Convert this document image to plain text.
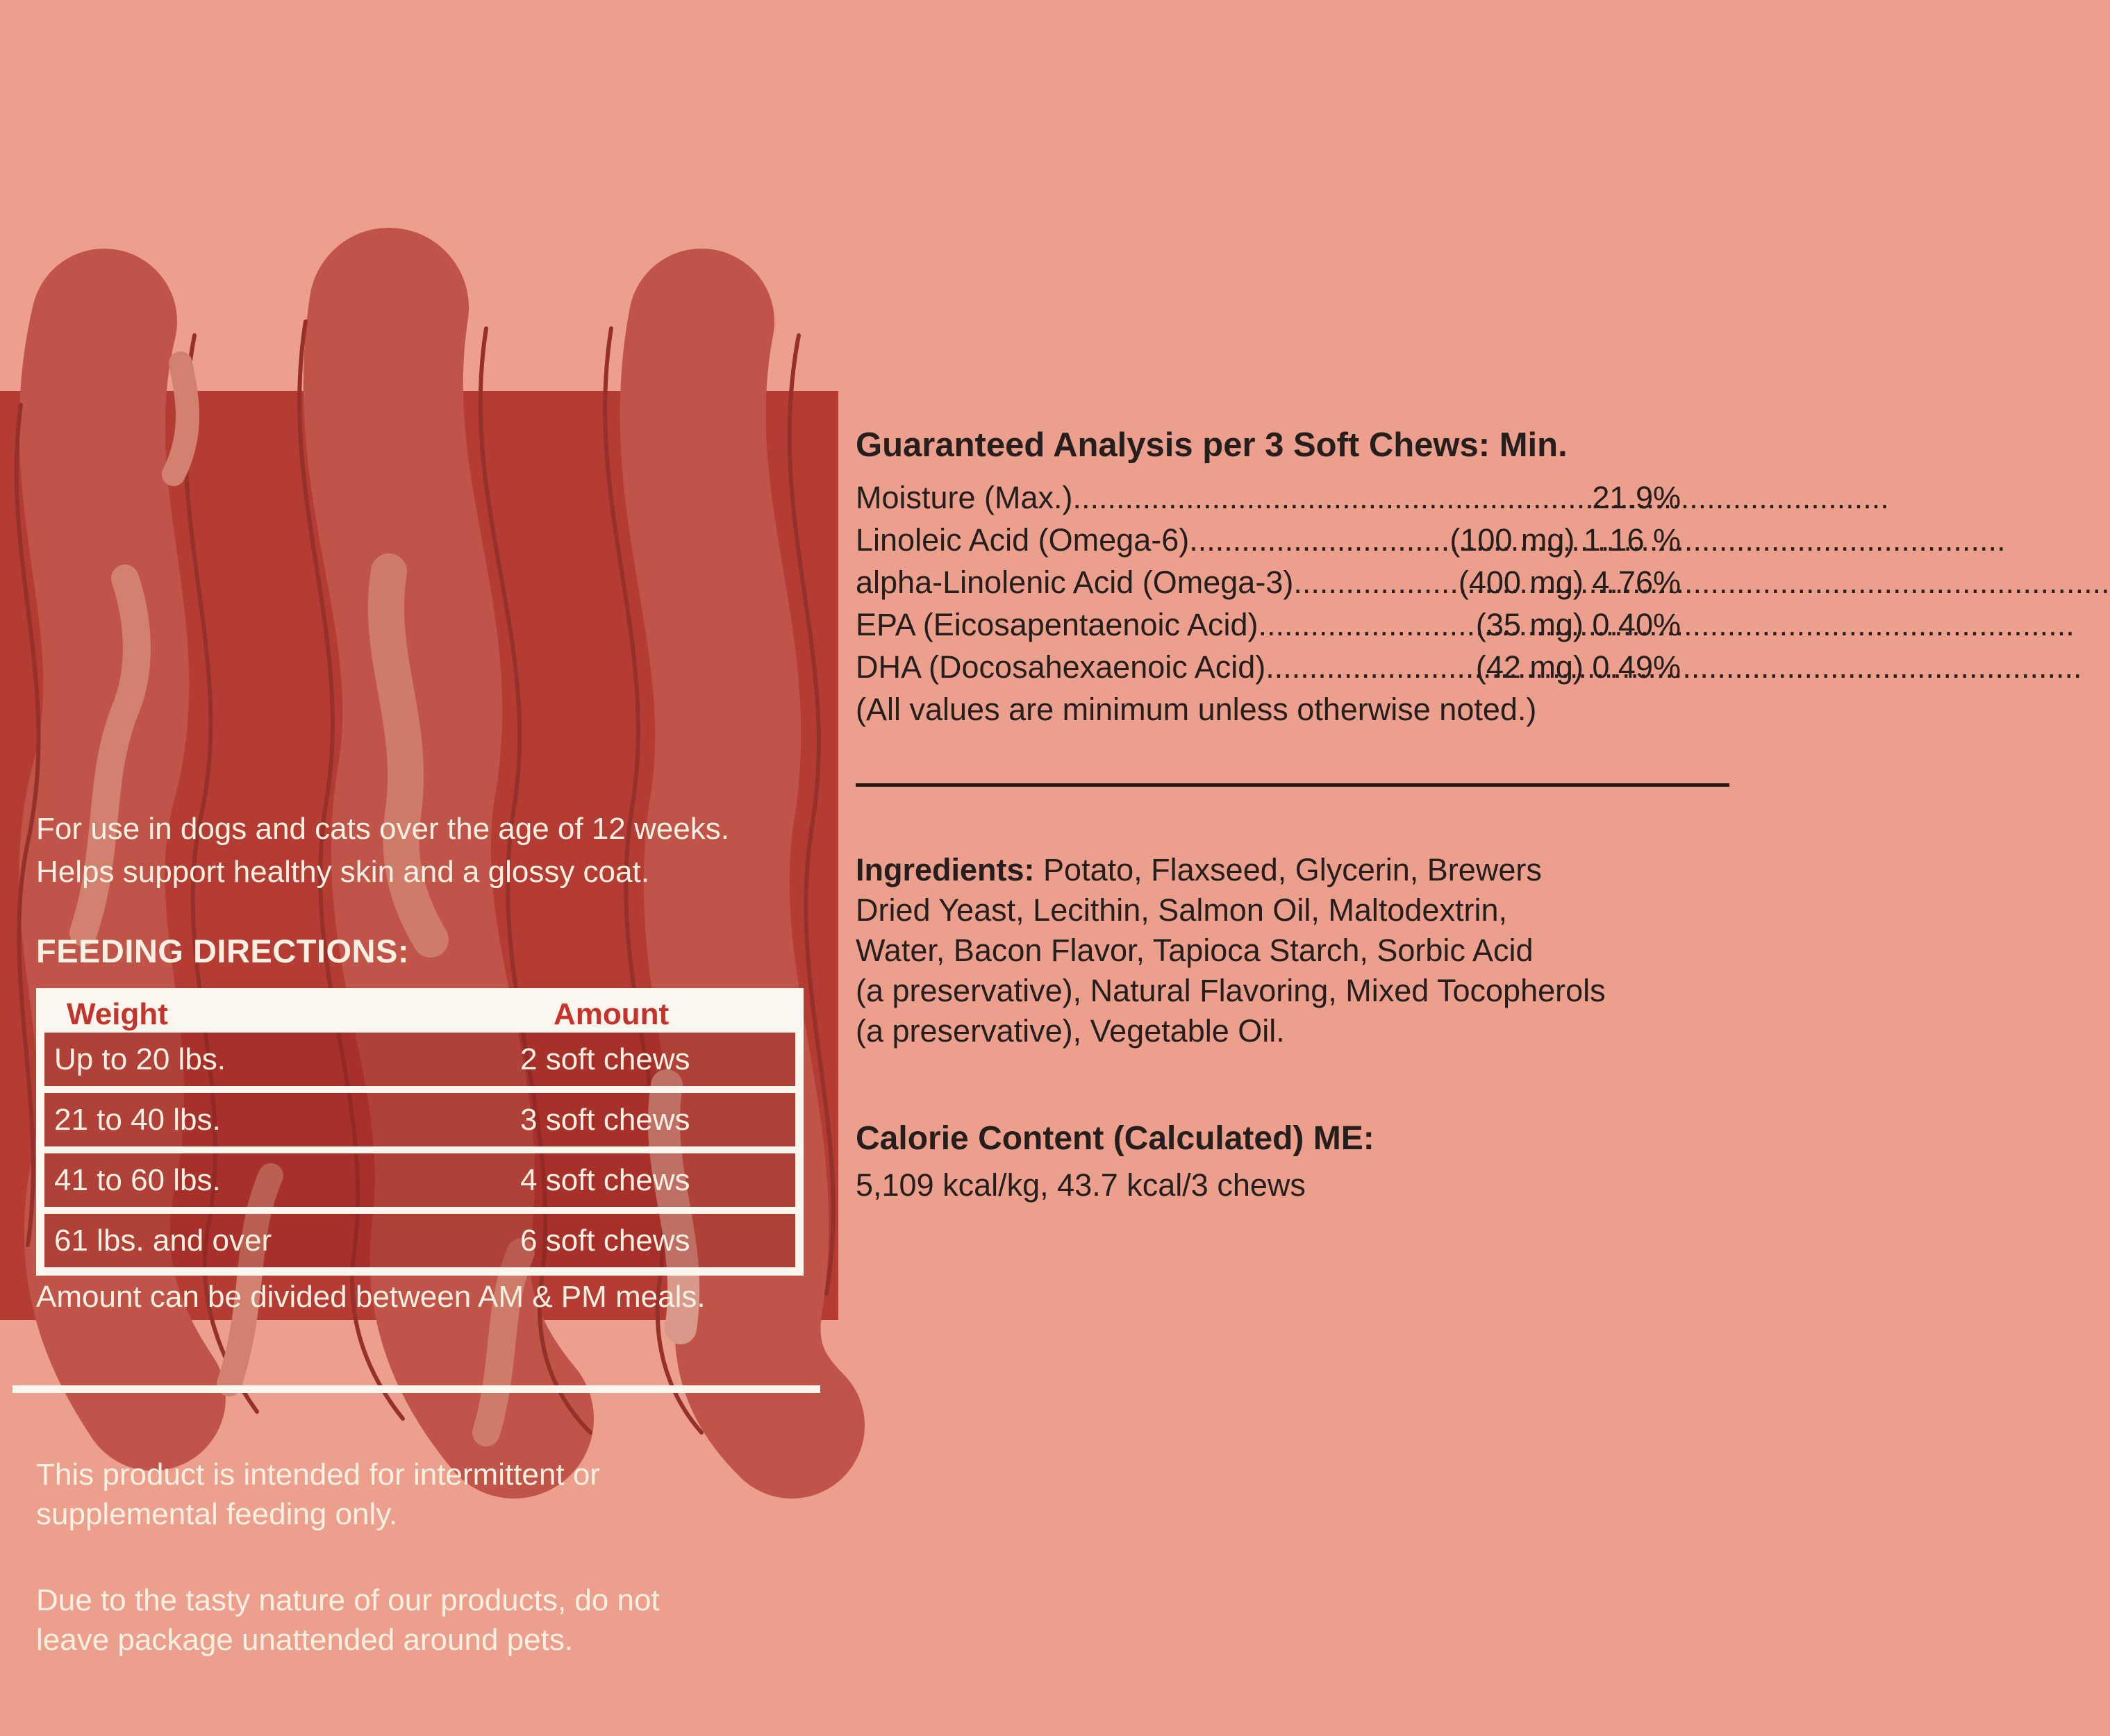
For use in dogs and cats over the age of 12 weeks.
Helps support healthy skin and a glossy coat.
FEEDING DIRECTIONS:
Weight	Amount
Up to 20 lbs.	2 soft chews
21 to 40 lbs.	3 soft chews
41 to 60 lbs.	4 soft chews
61 lbs. and over	6 soft chews
Amount can be divided between AM & PM meals.
This product is intended for intermittent or
supplemental feeding only.
Due to the tasty nature of our products, do not
leave package unattended around pets.
Guaranteed Analysis per 3 Soft Chews: Min.
Moisture (Max.) .....	21.9%
Linoleic Acid (Omega-6) .....	(100 mg) 1.16 %
alpha-Linolenic Acid (Omega-3) .....	(400 mg) 4.76%
EPA (Eicosapentaenoic Acid) .....	(35 mg) 0.40%
DHA (Docosahexaenoic Acid) .....	(42 mg) 0.49%
(All values are minimum unless otherwise noted.)
Ingredients: Potato, Flaxseed, Glycerin, Brewers
Dried Yeast, Lecithin, Salmon Oil, Maltodextrin,
Water, Bacon Flavor, Tapioca Starch, Sorbic Acid
(a preservative), Natural Flavoring, Mixed Tocopherols
(a preservative), Vegetable Oil.
Calorie Content (Calculated) ME:
5,109 kcal/kg, 43.7 kcal/3 chews
